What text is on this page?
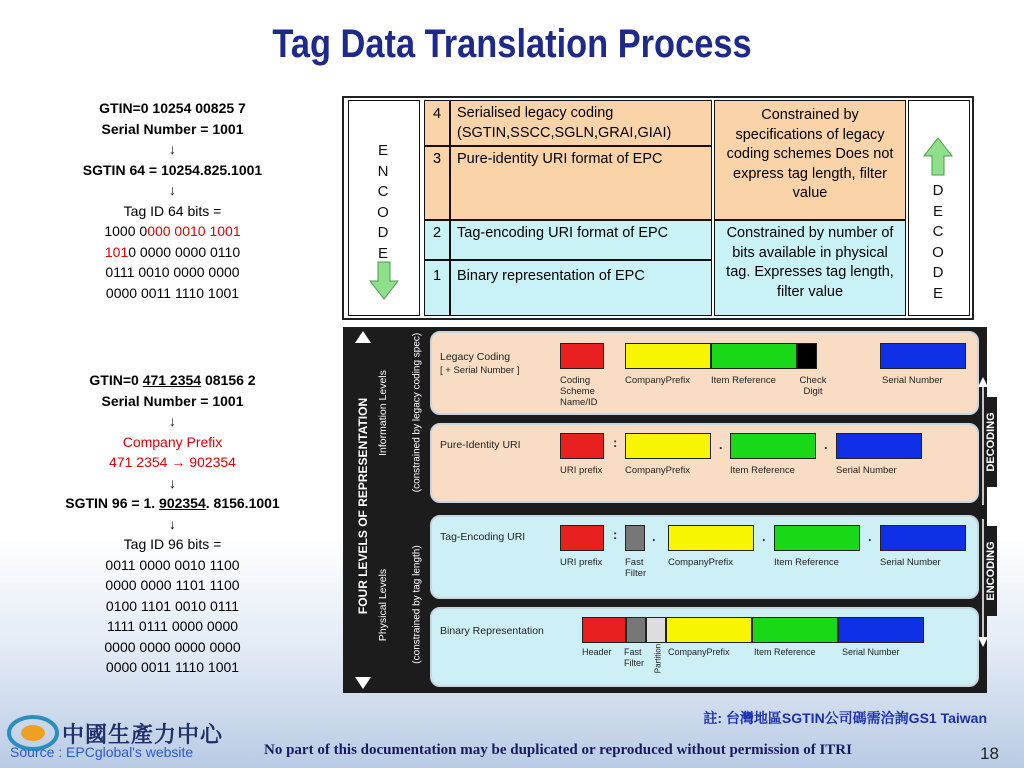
Tag Data Translation Process
GTIN=0 10254 00825 7
Serial Number = 1001
↓
SGTIN 64 = 10254.825.1001
↓
Tag ID 64 bits =
1000 0000 0010 1001
1010 0000 0000 0110
0111 0010 0000 0000
0000 0011 1110 1001
GTIN=0 471 2354 08156 2
Serial Number = 1001
↓
Company Prefix
471 2354 → 902354
↓
SGTIN 96 = 1. 902354. 8156.1001
↓
Tag ID 96 bits =
0011 0000 0010 1100
0000 0000 1101 1100
0100 1101 0010 0111
1111 0111 0000 0000
0000 0000 0000 0000
0000 0011 1110 1001
E
N
C
O
D
E
4	Serialised legacy coding (SGTIN,SSCC,SGLN,GRAI,GIAI)
3	Pure-identity URI format of EPC
2	Tag-encoding URI format of EPC
1	Binary representation of EPC
Constrained by specifications of legacy coding schemes Does not express tag length, filter value
Constrained by number of bits available in physical tag. Expresses tag length, filter value
D
E
C
O
D
E
FOUR LEVELS OF REPRESENTATION Information Levels (constrained by legacy coding spec)
Physical Levels (constrained by tag length)
Legacy Coding
[ + Serial Number ]
Coding Scheme Name/ID
CompanyPrefix Item Reference	Check Digit
Serial Number
Pure-Identity URI	:	.	.
URI prefix CompanyPrefix	Item Reference	Serial Number
Tag-Encoding URI	:	.	.	.
URI prefix Fast Filter
CompanyPrefix	Item Reference	Serial Number
Binary Representation
Header Fast Filter	Partition CompanyPrefix	Item Reference	Serial Number
DECODING
ENCODING
註: 台灣地區SGTIN公司碼需洽詢GS1 Taiwan
中國生產力中心
Source : EPCglobal's website	No part of this documentation may be duplicated or reproduced without permission of ITRI	18
